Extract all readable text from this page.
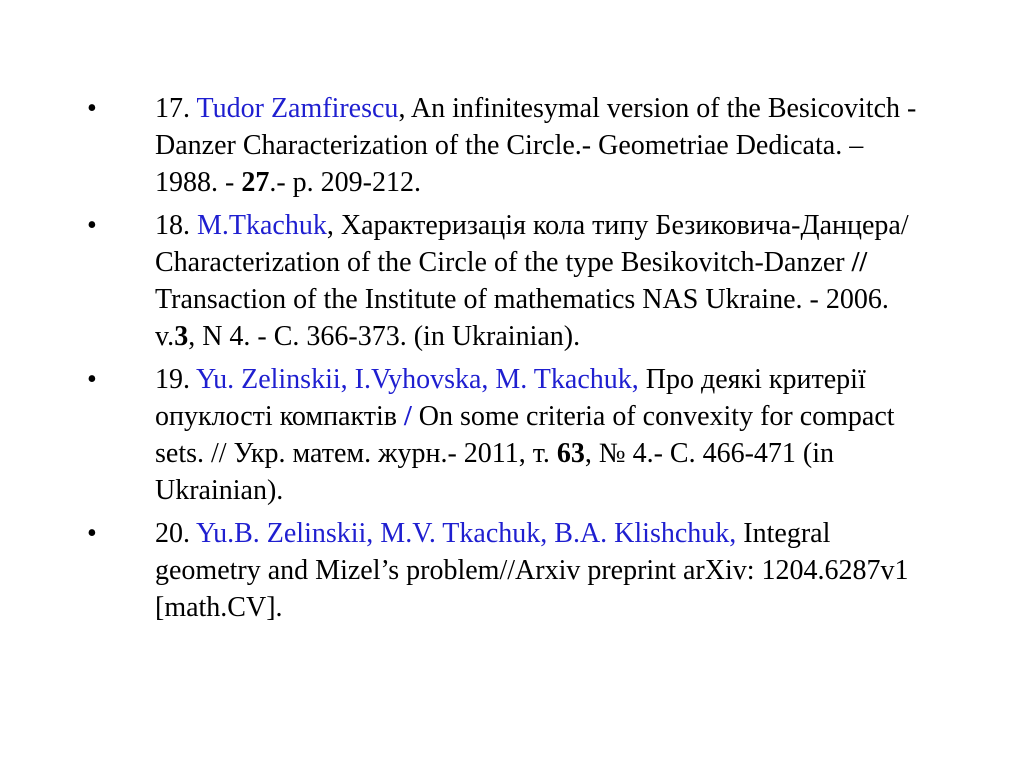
• 17. Tudor Zamfirescu, An infinitesymal version of the Besicovitch - Danzer Characterization of the Circle.- Geometriae Dedicata. – 1988. - 27.- p. 209-212.
• 18. M.Tkachuk, Характеризація кола типу Безиковича-Данцера/ Characterization of the Circle of the type Besikovitch-Danzer // Transaction of the Institute of mathematics NAS Ukraine. - 2006. v.3, N 4. - C. 366-373. (in Ukrainian).
• 19. Yu. Zelinskii, I.Vyhovska, M. Tkachuk, Про деякі критерії опуклості компактів / On some criteria of convexity for compact sets. // Укр. матем. журн.- 2011, т. 63, № 4.- С. 466-471 (in Ukrainian).
• 20. Yu.B. Zelinskii, M.V. Tkachuk, B.A. Klishchuk, Integral geometry and Mizel’s problem//Arxiv preprint arXiv: 1204.6287v1 [math.CV].
